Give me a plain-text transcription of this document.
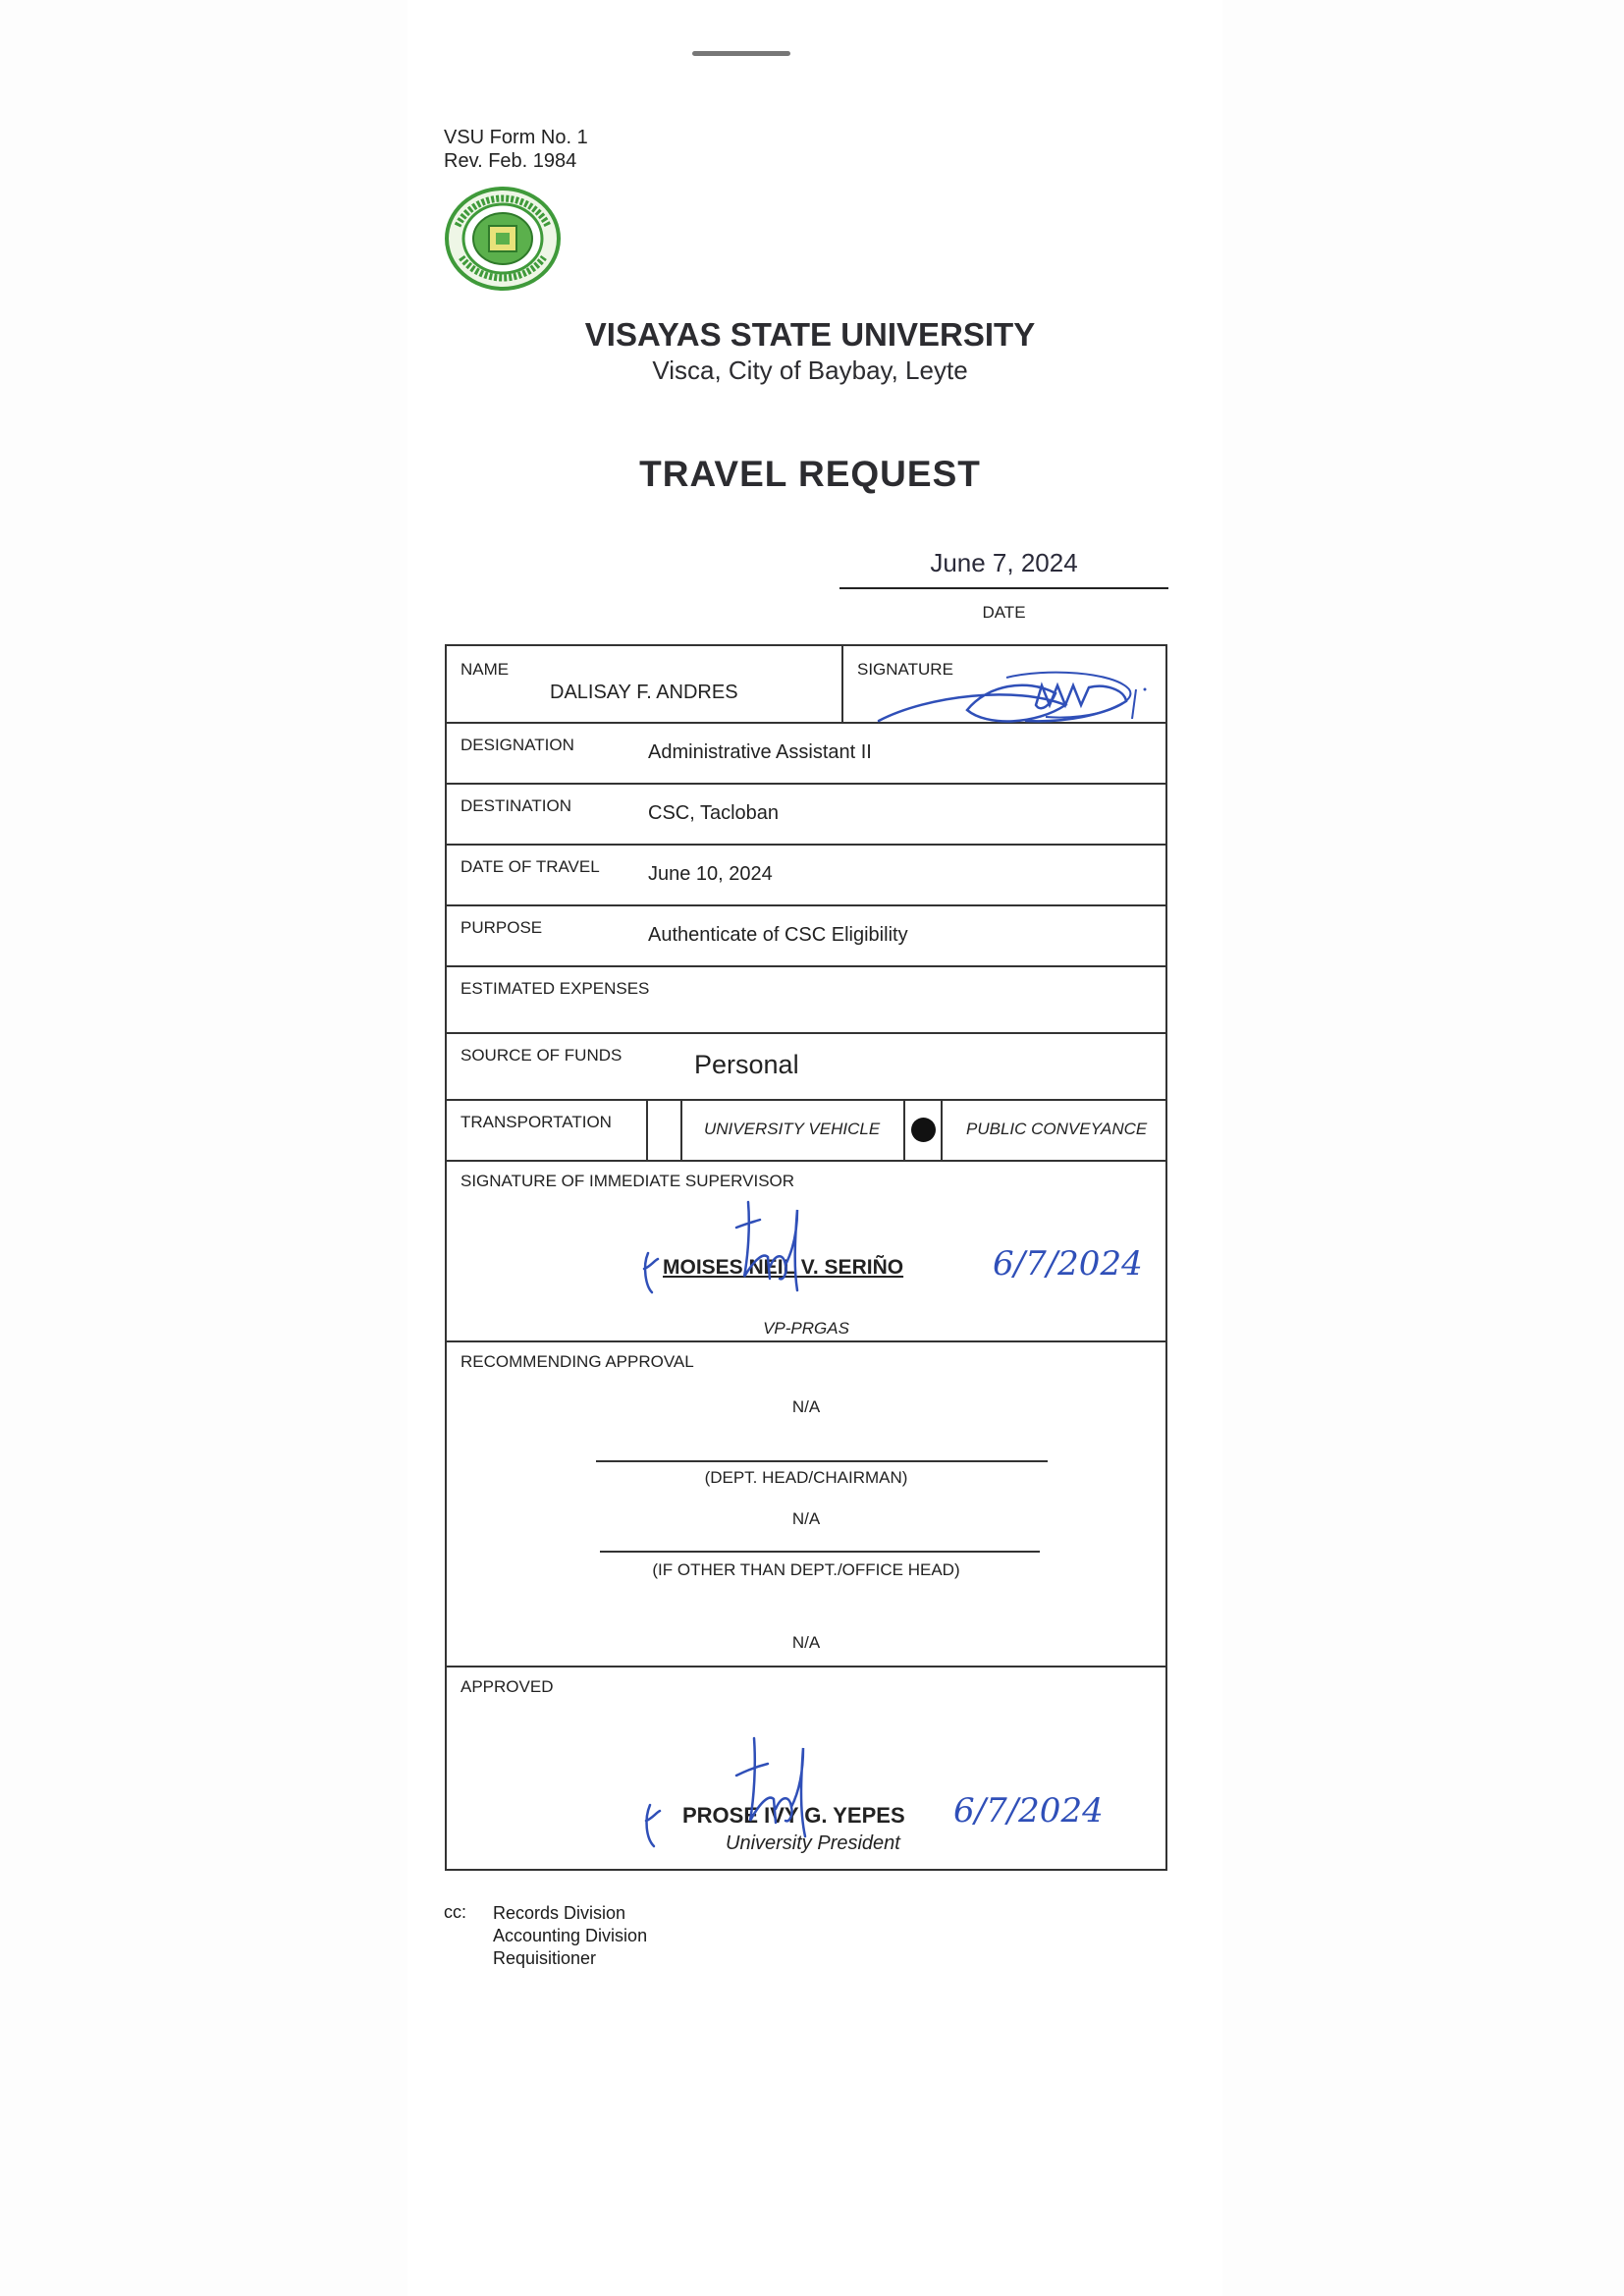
VSU Form No. 1
Rev. Feb. 1984
VISAYAS STATE UNIVERSITY
Visca, City of Baybay, Leyte
TRAVEL REQUEST
June 7, 2024
DATE
NAME
DALISAY F. ANDRES
SIGNATURE
DESIGNATION	Administrative Assistant II
DESTINATION	CSC, Tacloban
DATE OF TRAVEL June 10, 2024
PURPOSE	Authenticate of CSC Eligibility
ESTIMATED EXPENSES
SOURCE OF FUNDS	Personal
TRANSPORTATION	UNIVERSITY VEHICLE	PUBLIC CONVEYANCE
SIGNATURE OF IMMEDIATE SUPERVISOR
MOISES NEIL V. SERIÑO
VP-PRGAS
6/7/2024
RECOMMENDING APPROVAL
N/A
(DEPT. HEAD/CHAIRMAN)
N/A
(IF OTHER THAN DEPT./OFFICE HEAD)
N/A
APPROVED
PROSE IVY G. YEPES
University President
6/7/2024
cc: Records Division
Accounting Division
Requisitioner
